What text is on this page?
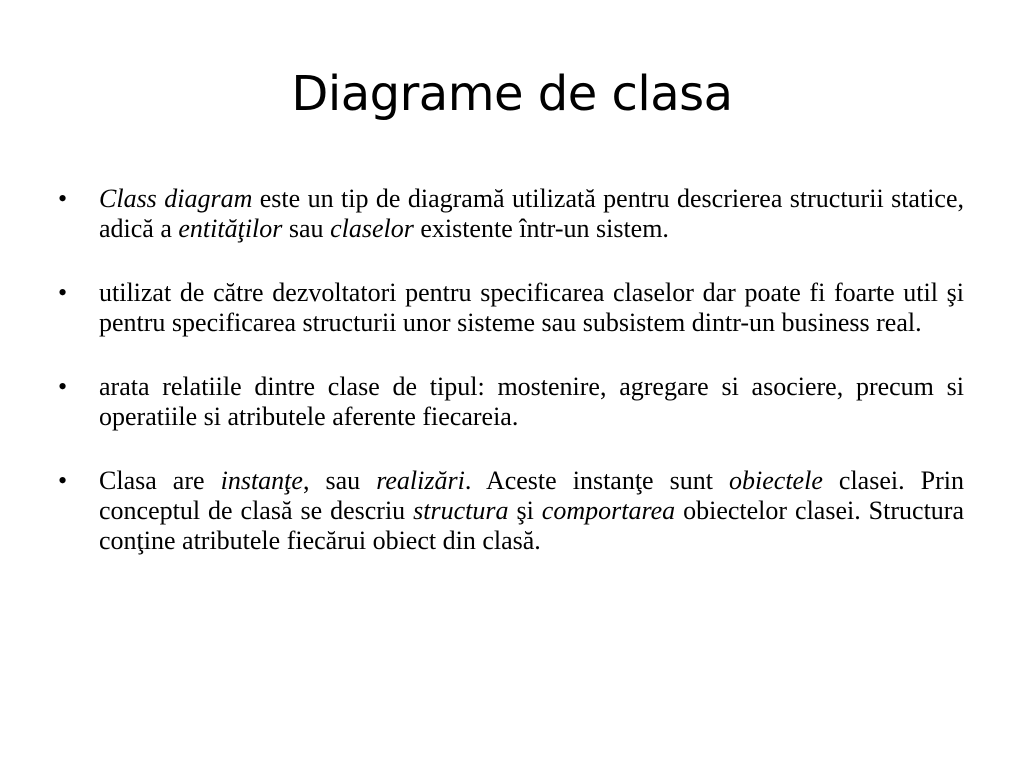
Diagrame de clasa
•	Class diagram este un tip de diagramă utilizată pentru descrierea structurii statice, adică a entităţilor sau claselor existente într-un sistem.
•	utilizat de către dezvoltatori pentru specificarea claselor dar poate fi foarte util şi pentru specificarea structurii unor sisteme sau subsistem dintr-un business real.
•	arata relatiile dintre clase de tipul: mostenire, agregare si asociere, precum si operatiile si atributele aferente fiecareia.
•	Clasa are instanţe, sau realizări. Aceste instanţe sunt obiectele clasei. Prin conceptul de clasă se descriu structura şi comportarea obiectelor clasei. Structura conţine atributele fiecărui obiect din clasă.
